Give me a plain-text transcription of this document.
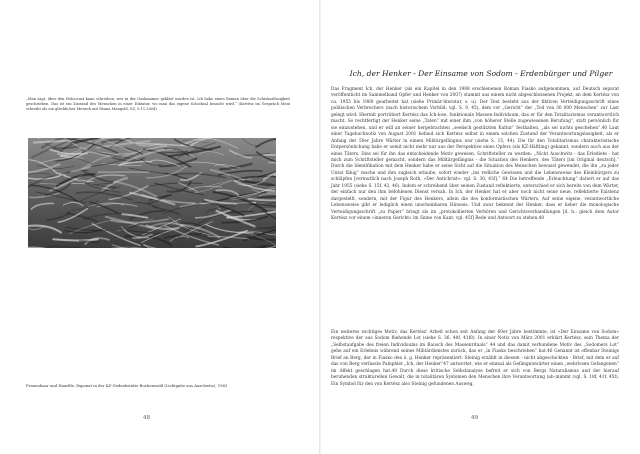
„Man sagt, über den Holocaust kann schreiben, wer in der Gaskammer geklärt worden ist. Ich habe einen Roman über die Schicksallosigkeit geschrieben. Das ist ein Zustand des Menschen in einer Diktatur, wo man das eigene Schicksal braucht wird.“ (Kertész im Gespräch Mein schreibt als ein glücklicher Mensch mit Ileana Mangold, SZ, 9.11.2004)

Frauenhaar und Haarfilz, Exponat in der KZ-Gedenkstätte Buchenwald (Lichtgabe aus Auschwitz), 1963

48
Ich, der Henker - Der Einsame von Sodom - Erdenbürger und Pilger

Das Fragment Ich, der Henker (als ein Kapitel in den 1988 erschienenen Roman Fiasko aufgenommen, auf Deutsch separat veröffentlicht im Sammelband Opfer und Henker von 2007) stammt aus einem nicht abgeschlossenen Projekt, an dem Kertész von ca. 1955 bis 1960 gearbeitet hat (siehe Primär-literatur, s. u). Der Text besteht aus der fiktiven Verteidigungsschrift eines politischen Verbrechers (nach historischem Vorbild: vgl. S. 9, 45), dem vor „Gericht“ der „Tod von 30 000 Menschen“ zur Last gelegt wird: Hiermit porträtiert Kertész das Ich-lose, funktionale Massen-Individuum, das er für den Totalitarismus verantwortlich macht. So rechtfertigt der Henker seine „Taten“ mit einer ihm „von höherer Stelle zugewiesenen Berufung“, statt persönlich für sie einzustehen, und er will an seiner hergebrachten „seelisch gestützten Kultur“ festhalten, „als sei nichts geschehen“.40 Laut einer Tagebuchnotiz von August 2001 befand sich Kertész selbst in einem solchen Zustand der Verantwortungslosigkeit, als er Anfang der 50er Jahre Wärter in einem Militärgefängnis war (siehe S. 15, 44). Die für den Totalitarismus charakteristische Entpersönlichung habe er somit nicht mehr nur aus der Perspektive eines Opfers (als KZ-Häftling) gekannt, sondern auch aus der eines Täters. Dies sei für ihn das entscheidende Motiv gewesen, Schriftsteller zu werden: „Nicht Auschwitz - das Erlediete - hat mich zum Schriftsteller gemacht, sondern das Militärgefängnis - die Situation des Henkers, des Täters [im Original deutsch].“ Durch die Identifikation mit dem Henker habe er seine Sicht auf die Situation des Menschen bewusst gewendet, die ihn „zu jeder Untat fähig“ mache und ihm zugleich erlaube, sofort wieder „ins redliche Gewissen und die Lebensweise des Kleinbürgers zu schlüpfen [vermutlich nach Joseph Roth, »Der Antichrist«: vgl. S. 30, 43f].“ 64 Die betreffende „Erleuchtung“ datiert er auf das Jahr 1955 (siehe S. 15f, 43, 46). Indem er schreibend über seinen Zustand reflektierte, unterschied er sich bereits von dem Wärter, der einfach nur den ihm befohlenen Dienst versah. In Ich, der Henker hat er aber noch nicht seine neue, reflektierte Existenz dargestellt, sondern, mit der Figur des Henkers, allein die des konformistischen Wärters. Auf seine eigene, verantwortliche Lebensweise gibt er lediglich einen unscheinbaren Hinweis. Und zwar bekennt der Henker, dass er lieber die monologische Verteidigungsschrift „zu Papier“ bringt als im „protokollierten Verhören und Gerichtsverhandlungen [d. h.: gleich dem Autor Kertész vor einem »inneren Gericht« im Sinne von Kant; vgl. 45f] Rede und Antwort zu stehen.40

Ein weiteres wichtiges Motiv, das Kertész' Arbeit schon seit Anfang der 60er Jahre bestimmte, ist »Der Einsame von Sodom« respektive der aus Sodom fliehende Lot (siehe S. 36, 40f, 41f8). In einer Notiz von März 2001 erklärt Kertész, sein Thema der „Selbstaufgabe des freien Individuums im Rausch des Massenrituals“ 44 und das damit verbundene Motiv des „Sodomers Lot“ gehe auf ein Erlebnis während seines Militärdienstes zurück, das er „in Fiasko beschrieben“ hat.46 Genannt ist offenbar Steinigs Brief an Berg, der in Fiasko den ö. g. Henker repräsentiert. Steinig erzählt in diesem - nicht abgeschickten - Brief, mit dem er auf das von Berg verfasste Pamphlet „Ich, der Henker“47 antwortet, wie er einmal als Gefängniswärter einen „wehrlosen Gefangenen“ im Affekt geschlagen hat.48 Durch diese kritische Selbstanalyse befreit er sich von Bergs Naturalismus und der hierauf beruhenden strukturellen Gewalt, die in totalitären Systemen den Menschen ihre Verantwortung (ab-)nimmt (vgl. S. 18f, 41f, 45f). Ein Symbol für den von Kertész also Steinig gefundenen Ausweg,

49
